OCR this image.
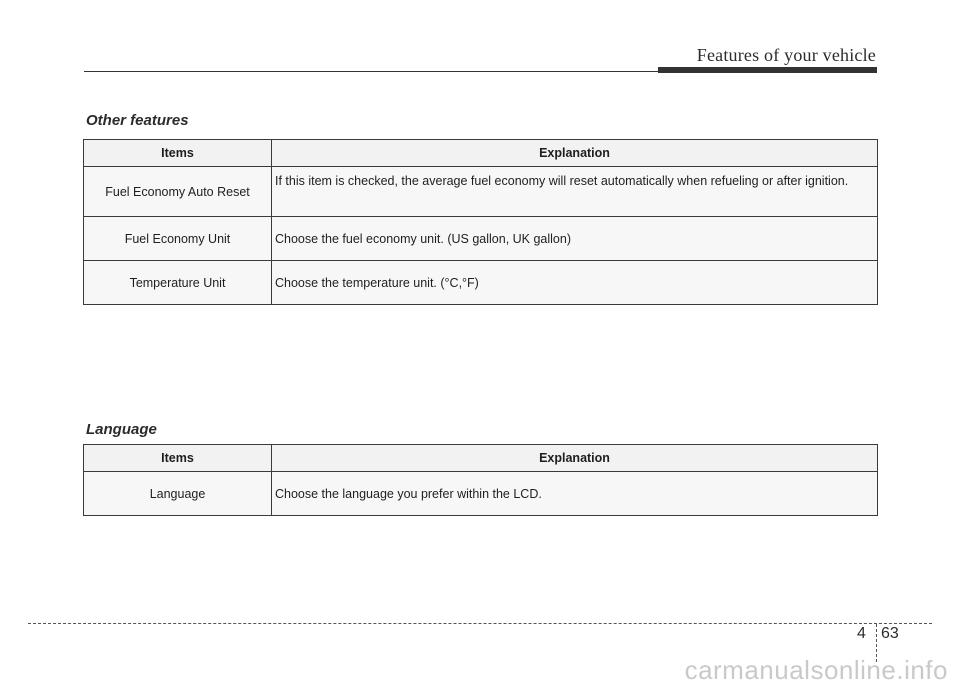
Features of your vehicle
Other features
Items	Explanation
Fuel Economy Auto Reset	If this item is checked, the average fuel economy will reset automatically when refueling or after ignition.
Fuel Economy Unit	Choose the fuel economy unit. (US gallon, UK gallon)
Temperature Unit	Choose the temperature unit. (°C,°F)
Language
Items	Explanation
Language	Choose the language you prefer within the LCD.
4 63
carmanualsonline.info
